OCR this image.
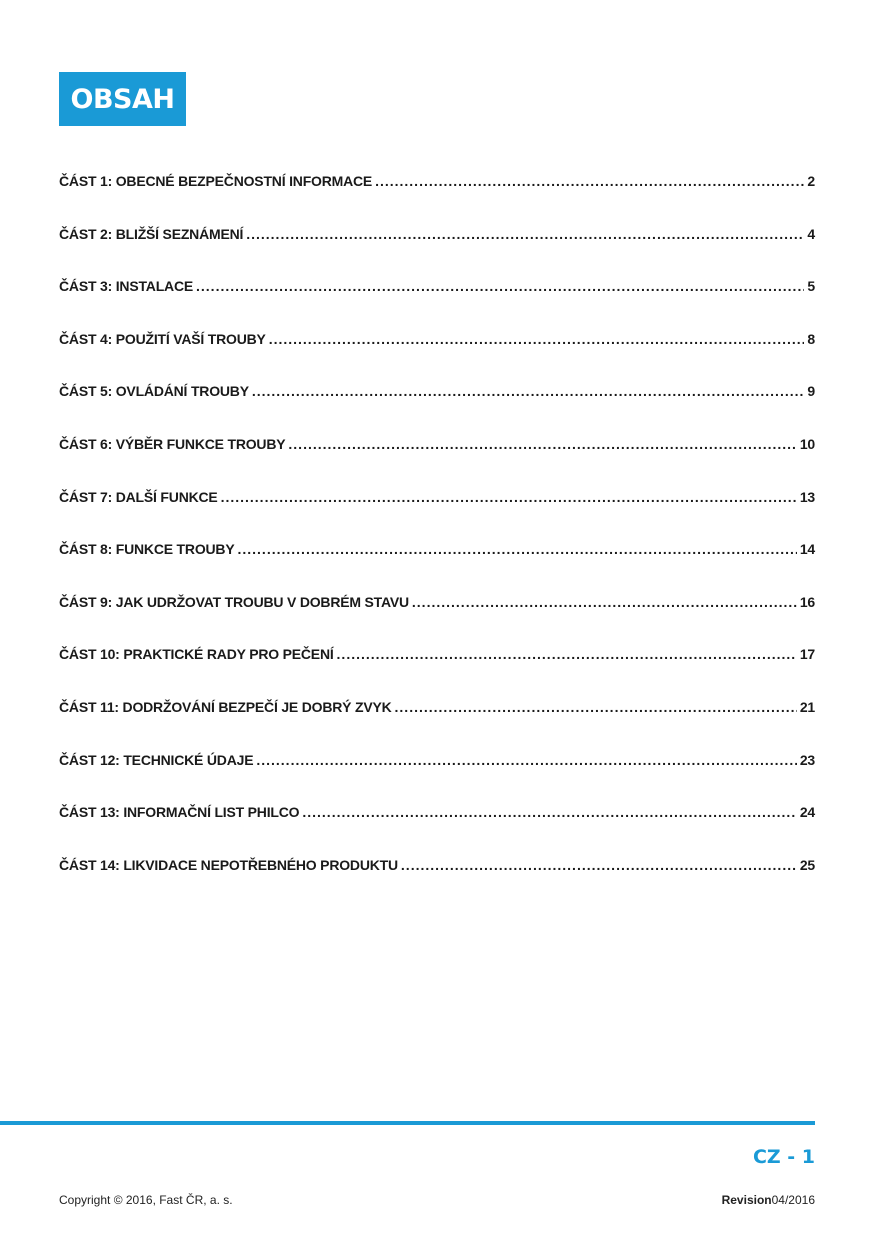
OBSAH
ČÁST 1: OBECNÉ BEZPEČNOSTNÍ INFORMACE .....	2
ČÁST 2: BLIŽŠÍ SEZNÁMENÍ .....	4
ČÁST 3: INSTALACE .....	5
ČÁST 4: POUŽITÍ VAŠÍ TROUBY .....	8
ČÁST 5: OVLÁDÁNÍ TROUBY .....	9
ČÁST 6: VÝBĚR FUNKCE TROUBY .....	10
ČÁST 7: DALŠÍ FUNKCE .....	13
ČÁST 8: FUNKCE TROUBY .....	14
ČÁST 9: JAK UDRŽOVAT TROUBU V DOBRÉM STAVU .....	16
ČÁST 10: PRAKTICKÉ RADY PRO PEČENÍ .....	17
ČÁST 11: DODRŽOVÁNÍ BEZPEČÍ JE DOBRÝ ZVYK .....	21
ČÁST 12: TECHNICKÉ ÚDAJE .....	23
ČÁST 13: INFORMAČNÍ LIST PHILCO .....	24
ČÁST 14: LIKVIDACE NEPOTŘEBNÉHO PRODUKTU .....	25
CZ - 1
Copyright © 2016, Fast ČR, a. s.	Revision04/2016
